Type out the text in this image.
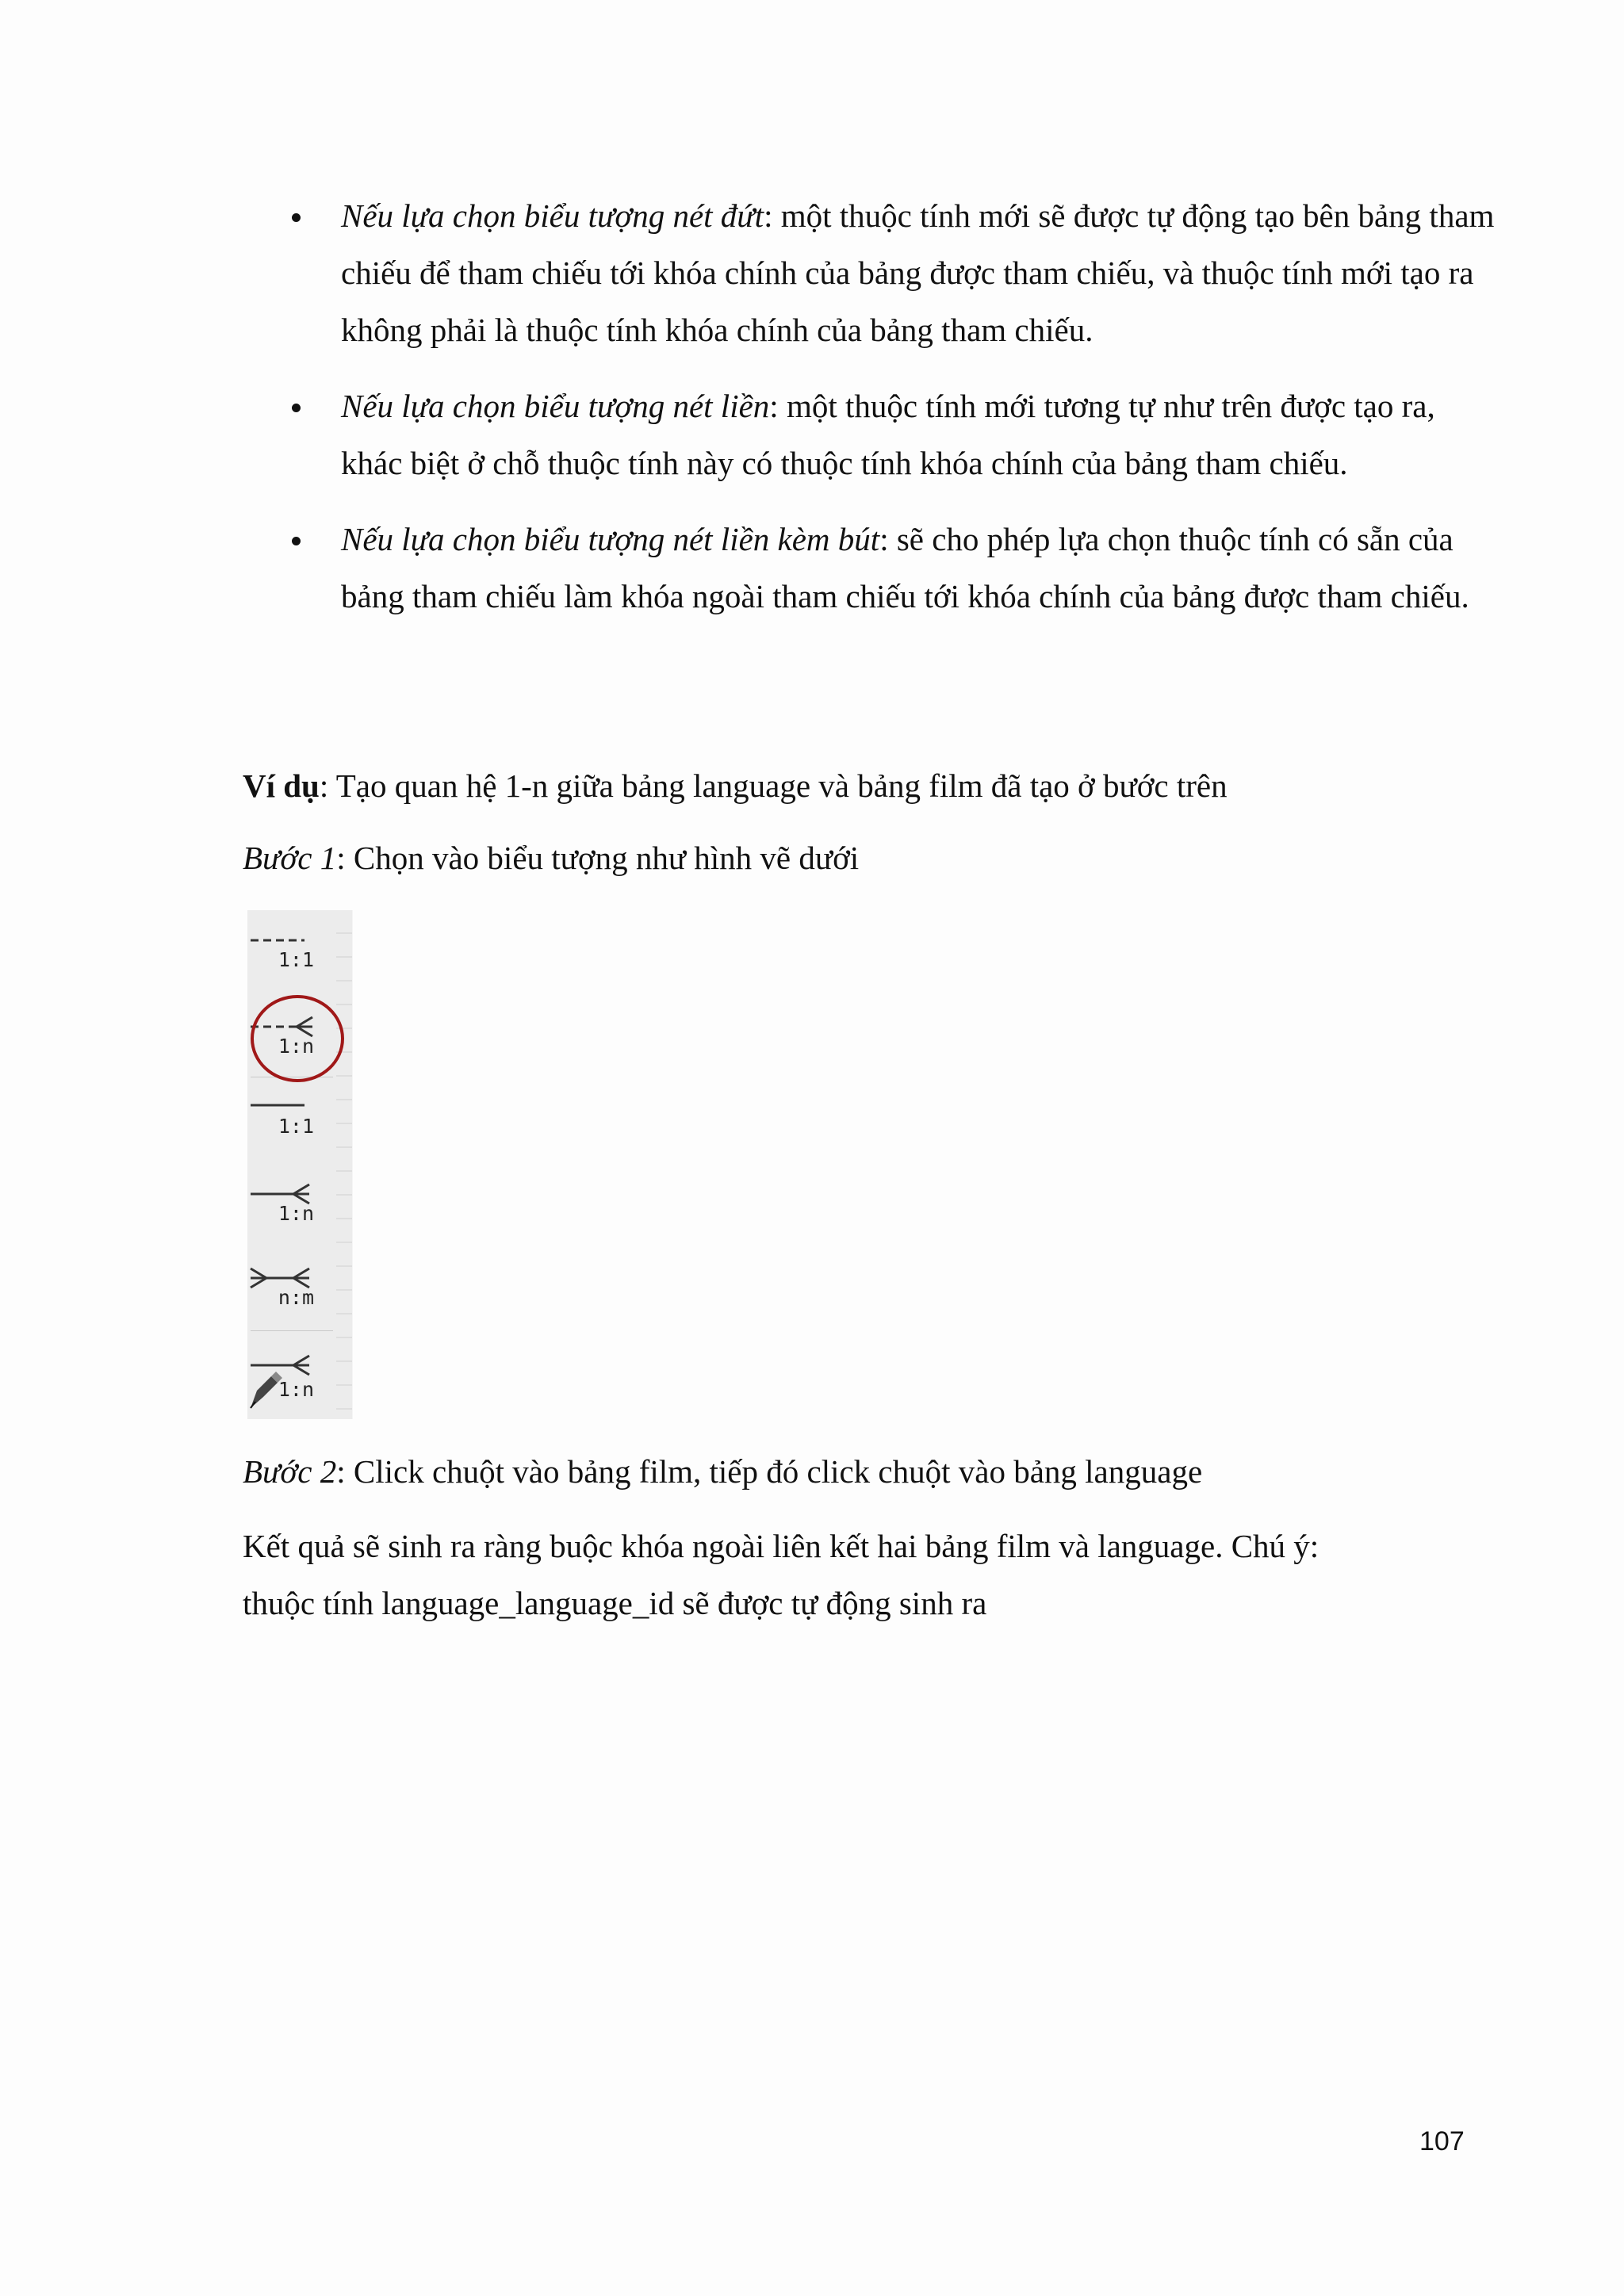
Nếu lựa chọn biểu tượng nét đứt: một thuộc tính mới sẽ được tự động tạo bên bảng tham chiếu để tham chiếu tới khóa chính của bảng được tham chiếu, và thuộc tính mới tạo ra không phải là thuộc tính khóa chính của bảng tham chiếu.
Nếu lựa chọn biểu tượng nét liền: một thuộc tính mới tương tự như trên được tạo ra, khác biệt ở chỗ thuộc tính này có thuộc tính khóa chính của bảng tham chiếu.
Nếu lựa chọn biểu tượng nét liền kèm bút: sẽ cho phép lựa chọn thuộc tính có sẵn của bảng tham chiếu làm khóa ngoài tham chiếu tới khóa chính của bảng được tham chiếu.

Ví dụ: Tạo quan hệ 1-n giữa bảng language và bảng film đã tạo ở bước trên

Bước 1: Chọn vào biểu tượng như hình vẽ dưới

1:1
1:n
1:1
1:n
n:m
1:n

Bước 2: Click chuột vào bảng film, tiếp đó click chuột vào bảng language

Kết quả sẽ sinh ra ràng buộc khóa ngoài liên kết hai bảng film và language. Chú ý:
thuộc tính language_language_id sẽ được tự động sinh ra

107
